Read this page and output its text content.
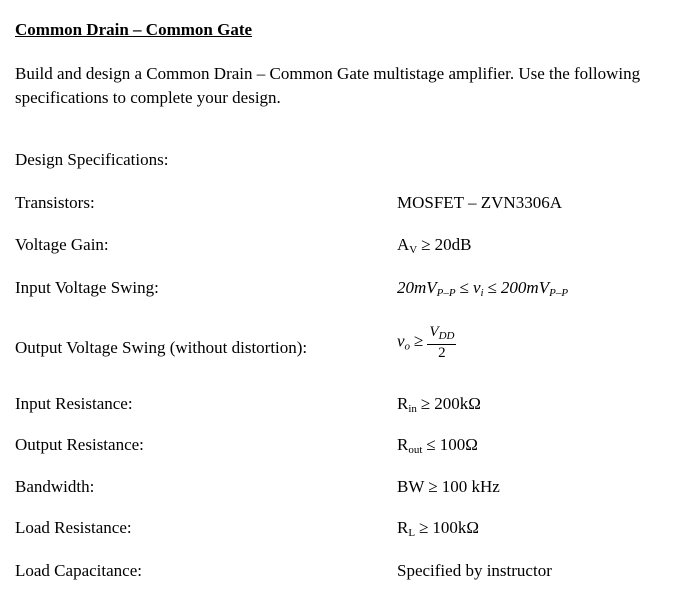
Common Drain – Common Gate
Build and design a Common Drain – Common Gate multistage amplifier. Use the following specifications to complete your design.
Design Specifications:
Transistors:	MOSFET – ZVN3306A
Voltage Gain:	$A_V \ge 20dB$
Input Voltage Swing:	$20mV_{P-P} \le v_i \le 200mV_{P-P}$
Output Voltage Swing (without distortion):	$v_o \ge \frac{V_{DD}}{2}$
Input Resistance:	$R_{in} \ge 200k\Omega$
Output Resistance:	$R_{out} \le 100\Omega$
Bandwidth:	BW ≥ 100 kHz
Load Resistance:	$R_L \ge 100k\Omega$
Load Capacitance:	Specified by instructor
